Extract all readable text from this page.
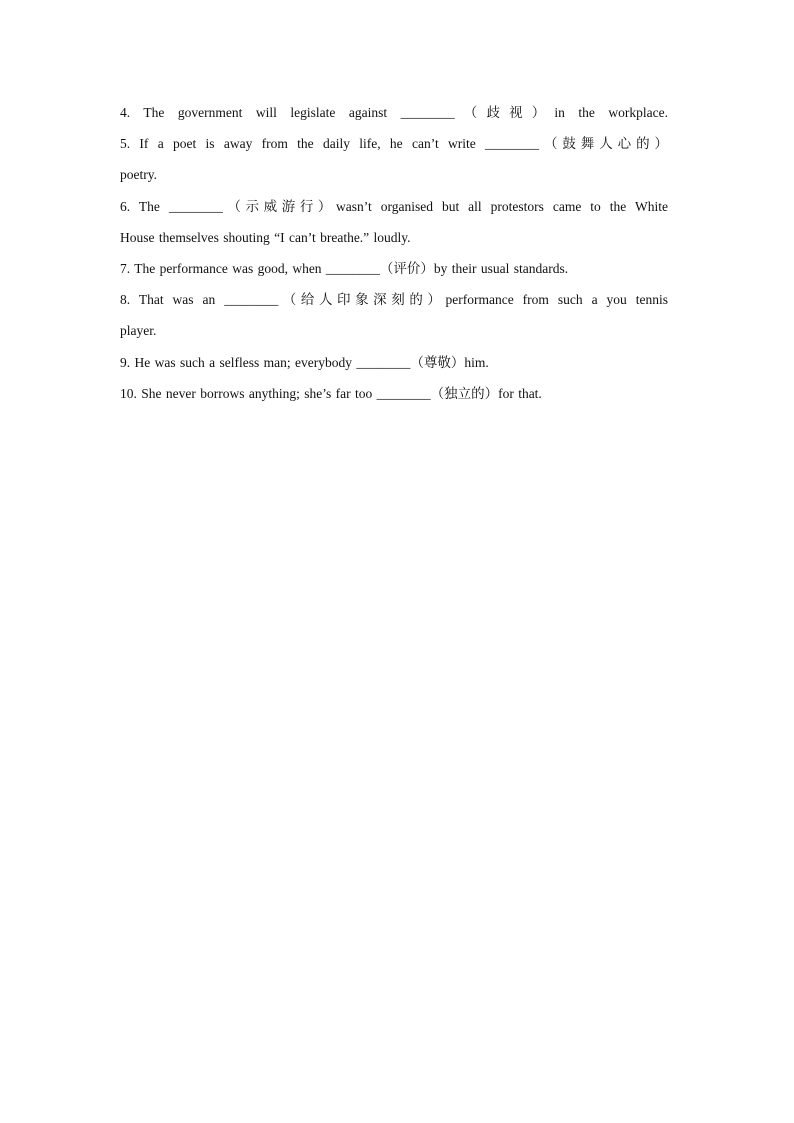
4. The government will legislate against ________（歧视）in the workplace.
5. If a poet is away from the daily life, he can’t write ________（鼓舞人心的）
poetry.
6. The ________（示威游行）wasn’t organised but all protestors came to the White
House themselves shouting “I can’t breathe.” loudly.
7. The performance was good, when ________（评价）by their usual standards.
8. That was an ________（给人印象深刻的）performance from such a you tennis
player.
9. He was such a selfless man; everybody ________（尊敬）him.
10. She never borrows anything; she’s far too ________（独立的）for that.
